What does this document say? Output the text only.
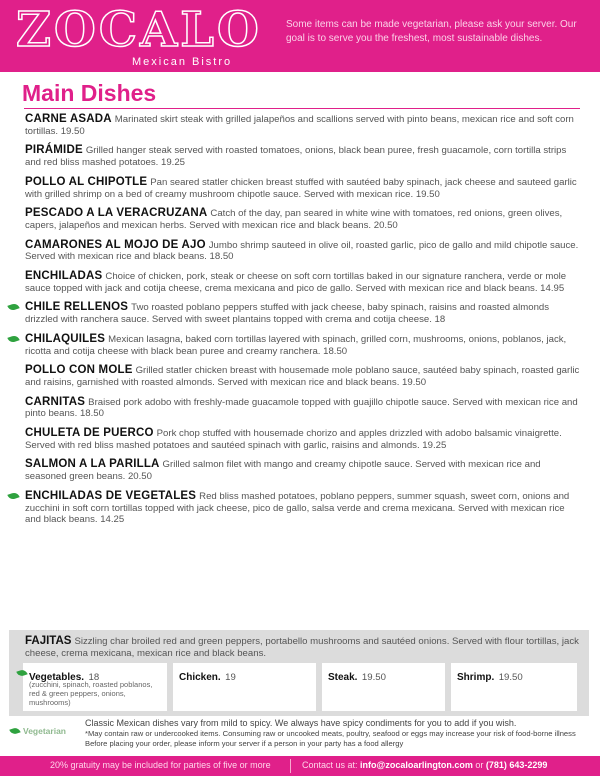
ZOCALO
Mexican Bistro
Some items can be made vegetarian, please ask your server. Our goal is to serve you the freshest, most sustainable dishes.
Main Dishes
CARNE ASADA Marinated skirt steak with grilled jalapeños and scallions served with pinto beans, mexican rice and soft corn tortillas. 19.50
PIRÁMIDE Grilled hanger steak served with roasted tomatoes, onions, black bean puree, fresh guacamole, corn tortilla strips and red bliss mashed potatoes. 19.25
POLLO AL CHIPOTLE Pan seared statler chicken breast stuffed with sautéed baby spinach, jack cheese and sauteed garlic with grilled shrimp on a bed of creamy mushroom chipotle sauce. Served with mexican rice. 19.50
PESCADO A LA VERACRUZANA Catch of the day, pan seared in white wine with tomatoes, red onions, green olives, capers, jalapeños and mexican herbs. Served with mexican rice and black beans. 20.50
CAMARONES AL MOJO DE AJO Jumbo shrimp sauteed in olive oil, roasted garlic, pico de gallo and mild chipotle sauce. Served with mexican rice and black beans. 18.50
ENCHILADAS Choice of chicken, pork, steak or cheese on soft corn tortillas baked in our signature ranchera, verde or mole sauce topped with jack and cotija cheese, crema mexicana and pico de gallo. Served with mexican rice and black beans. 14.95
CHILE RELLENOS Two roasted poblano peppers stuffed with jack cheese, baby spinach, raisins and roasted almonds drizzled with ranchera sauce. Served with sweet plantains topped with crema and cotija cheese. 18
CHILAQUILES Mexican lasagna, baked corn tortillas layered with spinach, grilled corn, mushrooms, onions, poblanos, jack, ricotta and cotija cheese with black bean puree and creamy ranchera. 18.50
POLLO CON MOLE Grilled statler chicken breast with housemade mole poblano sauce, sautéed baby spinach, roasted garlic and raisins, garnished with roasted almonds. Served with mexican rice and black beans. 19.50
CARNITAS Braised pork adobo with freshly-made guacamole topped with guajillo chipotle sauce. Served with mexican rice and pinto beans. 18.50
CHULETA DE PUERCO Pork chop stuffed with housemade chorizo and apples drizzled with adobo balsamic vinaigrette. Served with red bliss mashed potatoes and sautéed spinach with garlic, raisins and almonds. 19.25
SALMON A LA PARILLA Grilled salmon filet with mango and creamy chipotle sauce. Served with mexican rice and seasoned green beans. 20.50
ENCHILADAS DE VEGETALES Red bliss mashed potatoes, poblano peppers, summer squash, sweet corn, onions and zucchini in soft corn tortillas topped with jack cheese, pico de gallo, salsa verde and crema mexicana. Served with mexican rice and black beans. 14.25
FAJITAS Sizzling char broiled red and green peppers, portabello mushrooms and sautéed onions. Served with flour tortillas, jack cheese, crema mexicana, mexican rice and black beans.
Vegetables. 18
(zucchini, spinach, roasted poblanos, red & green peppers, onions, mushrooms)
Chicken. 19	Steak. 19.50	Shrimp. 19.50
Vegetarian
Classic Mexican dishes vary from mild to spicy. We always have spicy condiments for you to add if you wish.
*May contain raw or undercooked items. Consuming raw or uncooked meats, poultry, seafood or eggs may increase your risk of food-borne illness
Before placing your order, please inform your server if a person in your party has a food allergy
20% gratuity may be included for parties of five or more	Contact us at: info@zocaloarlington.com or (781) 643-2299
